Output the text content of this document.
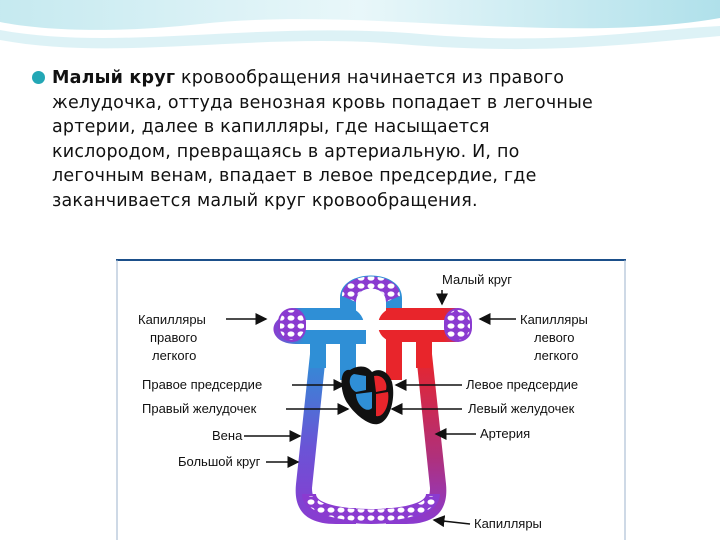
Малый круг кровообращения начинается из правого
желудочка, оттуда венозная кровь попадает в легочные
артерии, далее в капилляры, где насыщается
кислородом, превращаясь в артериальную. И, по
легочным венам, впадает в левое предсердие, где
заканчивается малый круг кровообращения.
Малый круг
Капилляры
правого
легкого
Капилляры
левого
легкого
Правое предсердие
Правый желудочек
Левое предсердие
Левый желудочек
Вена	Артерия
Большой круг
Капилляры
